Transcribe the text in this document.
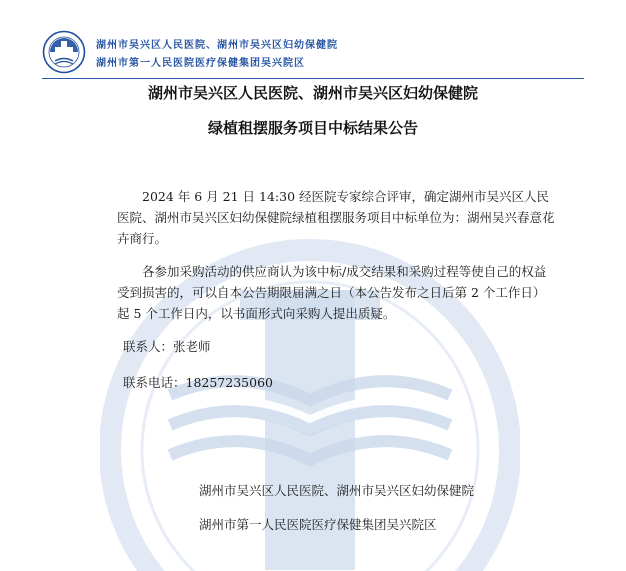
湖州市吴兴区人民医院、湖州市吴兴区妇幼保健院
湖州市第一人民医院医疗保健集团吴兴院区
湖州市吴兴区人民医院、湖州市吴兴区妇幼保健院
绿植租摆服务项目中标结果公告
2024 年 6 月 21 日 14:30 经医院专家综合评审，确定湖州市吴兴区人民医院、湖州市吴兴区妇幼保健院绿植租摆服务项目中标单位为：湖州吴兴春意花卉商行。
各参加采购活动的供应商认为该中标/成交结果和采购过程等使自己的权益受到损害的，可以自本公告期限届满之日（本公告发布之日后第 2 个工作日）起 5 个工作日内，以书面形式向采购人提出质疑。
联系人：张老师
联系电话：18257235060
湖州市吴兴区人民医院、湖州市吴兴区妇幼保健院
湖州市第一人民医院医疗保健集团吴兴院区
